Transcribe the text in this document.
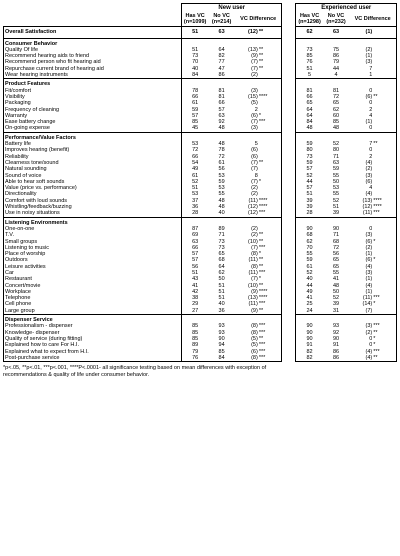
	New user					Experienced user			
	Has VC
(n=1099)	No VC
(n=214)	VC Difference			Has VC
(n=1298)	No VC
(n=232)	VC Difference	
Overall Satisfaction	51	63	(12)	**		62	63	(1)	
Consumer Behavior									
Quality Of life	51	64	(13)	**		73	75	(2)	
Recommend hearing aids to friend	73	82	(9)	**		85	86	(1)	
Recommend person who fit hearing aid	70	77	(7)	**		76	79	(3)	
Repurchase current brand of hearing aid	40	47	(7)	**		51	44	7	
Wear hearing instruments	84	86	(2)			5	4	1	
Product Features									
Fit/comfort	78	81	(3)			81	81	0	
Visibility	66	81	(15)	****		66	72	(6)	**
Packaging	61	66	(5)			65	65	0	
Frequency of cleaning	59	57	2			64	62	2	
Warranty	57	63	(6)	*		64	60	4	
Ease battery change	85	92	(7)	***		84	85	(1)	
On-going expense	45	48	(3)			48	48	0	
Performance/Value Factors									
Battery life	53	48	5			59	52	7	**
Improves hearing (benefit)	72	78	(6)			80	80	0	
Reliability	66	72	(6)			73	71	2	
Clearness tone/sound	54	61	(7)	**		59	63	(4)	
Natural sounding	49	56	(7)			57	59	(2)	
Sound of voice	61	53	8			52	55	(3)	
Able to hear soft sounds	52	59	(7)	*		44	50	(6)	
Value (price vs. performance)	51	53	(2)			57	53	4	
Directionality	53	55	(2)			51	55	(4)	
Comfort with loud sounds	37	48	(11)	****		39	52	(13)	****
Whistling/feedback/buzzing	36	48	(12)	****		39	51	(12)	****
Use in noisy situations	28	40	(12)	***		28	39	(11)	***
Listening Environments									
One-on-one	87	89	(2)			90	90	0	
T.V.	69	71	(2)	**		68	71	(3)	
Small groups	63	73	(10)	**		62	68	(6)	*
Listening to music	66	73	(7)	***		70	72	(2)	
Place of worship	57	65	(8)	*		55	56	(1)	
Outdoors	57	68	(11)	**		59	65	(6)	*
Leisure activities	56	64	(8)	**		61	65	(4)	
Car	51	62	(11)	***		52	55	(3)	
Restaurant	43	50	(7)	*		40	41	(1)	
Concert/movie	41	51	(10)	**		44	48	(4)	
Workplace	42	51	(9)	****		49	50	(1)	
Telephone	38	51	(13)	****		41	52	(11)	***
Cell phone	29	40	(11)	***		25	39	(14)	*
Large group	27	36	(9)	**		24	31	(7)	
Dispenser Service									
Professionalism - dispenser	85	93	(8)	***		90	93	(3)	***
Knowledge- dispenser	85	93	(8)	***		90	92	(2)	**
Quality of service (during fitting)	85	90	(5)	**		90	90	0	*
Explained how to care For H.I.	89	94	(5)	***		91	91	0	*
Explained what to expect from H.I.	79	85	(6)	***		82	86	(4)	***
Post-purchase service	76	84	(8)	***		82	86	(4)	**
*p<.05, **p<.01, ***p<.001, ****P<.0001- all significance testing based on mean differences with exception of
recommendations & quality of life under consumer behavior.
